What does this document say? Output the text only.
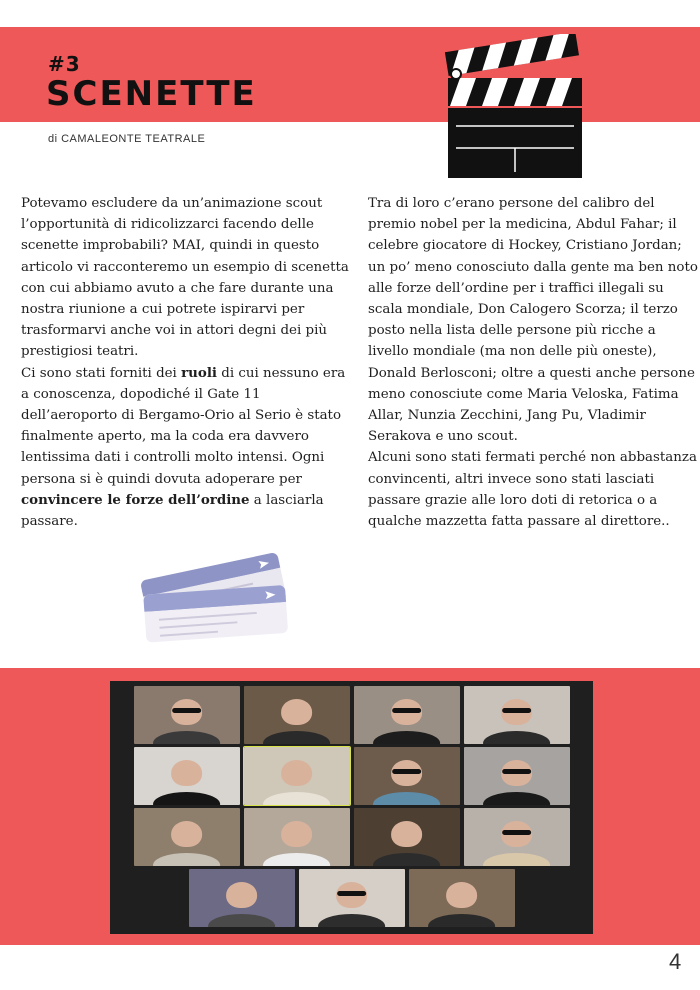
#3
SCENETTE
di CAMALEONTE TEATRALE

Potevamo escludere da un’animazione scout l’opportunità di ridicolizzarci facendo delle scenette improbabili? MAI, quindi in questo articolo vi racconteremo un esempio di scenetta con cui abbiamo avuto a che fare durante una nostra riunione a cui potrete ispirarvi per trasformarvi anche voi in attori degni dei più prestigiosi teatri.

Ci sono stati forniti dei ruoli di cui nessuno era a conoscenza, dopodiché il Gate 11 dell’aeroporto di Bergamo-Orio al Serio è stato finalmente aperto, ma la coda era davvero lentissima dati i controlli molto intensi. Ogni persona si è quindi dovuta adoperare per convincere le forze dell’ordine a lasciarla passare.

Tra di loro c’erano persone del calibro del premio nobel per la medicina, Abdul Fahar; il celebre giocatore di Hockey, Cristiano Jordan; un po’ meno conosciuto dalla gente ma ben noto alle forze dell’ordine per i traffici illegali su scala mondiale, Don Calogero Scorza; il terzo posto nella lista delle persone più ricche a livello mondiale (ma non delle più oneste), Donald Berlosconi; oltre a questi anche persone meno conosciute come Maria Veloska, Fatima Allar, Nunzia Zecchini, Jang Pu, Vladimir Serakova e uno scout.

Alcuni sono stati fermati perché non abbastanza convincenti, altri invece sono stati lasciati passare grazie alle loro doti di retorica o a qualche mazzetta fatta passare al direttore..

4
